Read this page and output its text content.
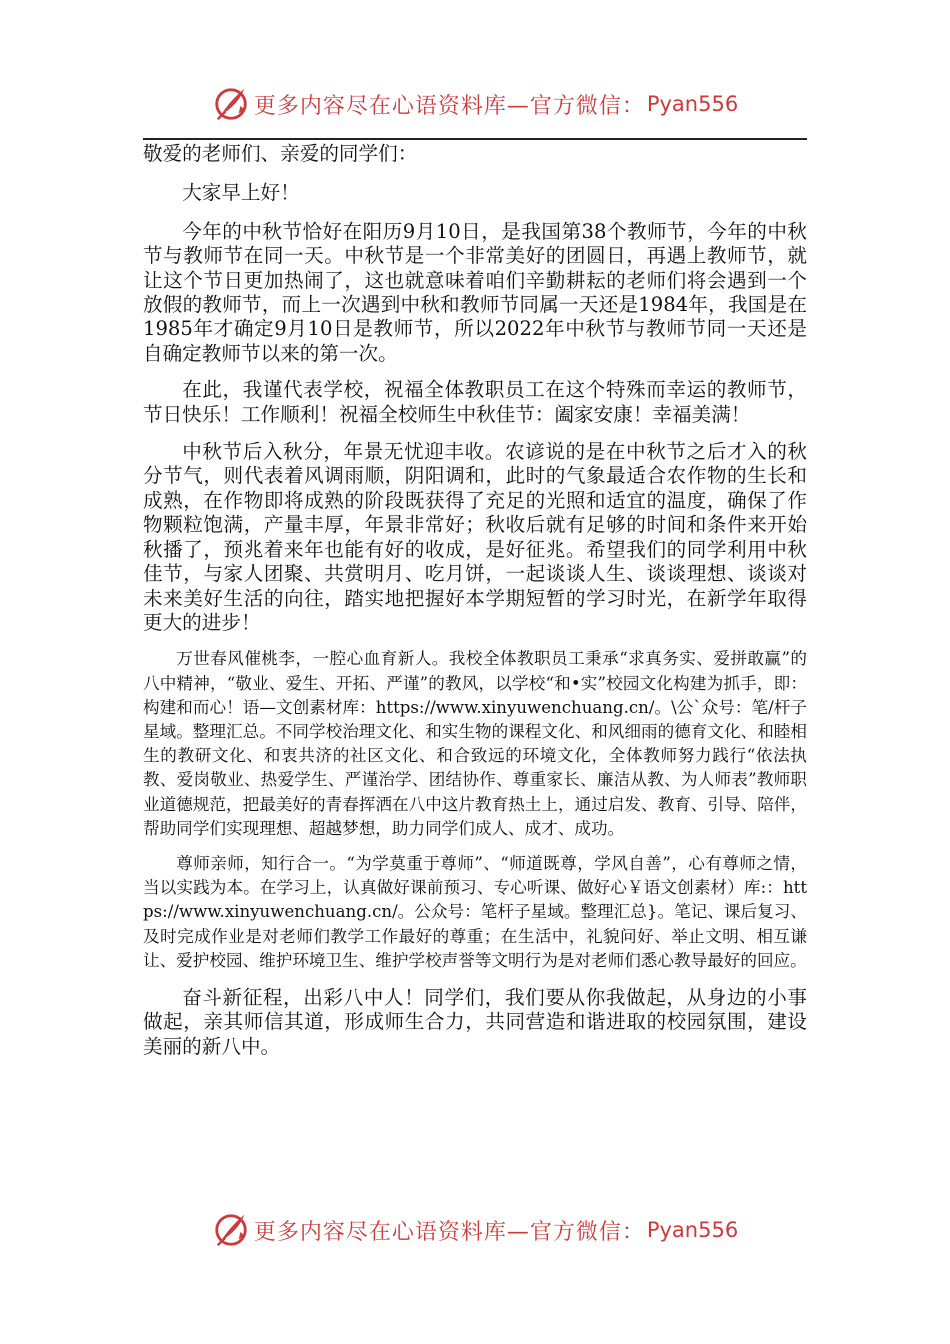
更多内容尽在心语资料库—官方微信： Pyan556

敬爱的老师们、亲爱的同学们：

大家早上好！

今年的中秋节恰好在阳历9月10日，是我国第38个教师节，今年的中秋节与教师节在同一天。中秋节是一个非常美好的团圆日，再遇上教师节，就让这个节日更加热闹了，这也就意味着咱们辛勤耕耘的老师们将会遇到一个放假的教师节，而上一次遇到中秋和教师节同属一天还是1984年，我国是在1985年才确定9月10日是教师节，所以2022年中秋节与教师节同一天还是自确定教师节以来的第一次。

在此，我谨代表学校，祝福全体教职员工在这个特殊而幸运的教师节，节日快乐！工作顺利！祝福全校师生中秋佳节：阖家安康！幸福美满！

中秋节后入秋分，年景无忧迎丰收。农谚说的是在中秋节之后才入的秋分节气，则代表着风调雨顺，阴阳调和，此时的气象最适合农作物的生长和成熟，在作物即将成熟的阶段既获得了充足的光照和适宜的温度，确保了作物颗粒饱满，产量丰厚，年景非常好；秋收后就有足够的时间和条件来开始秋播了，预兆着来年也能有好的收成，是好征兆。希望我们的同学利用中秋佳节，与家人团聚、共赏明月、吃月饼，一起谈谈人生、谈谈理想、谈谈对未来美好生活的向往，踏实地把握好本学期短暂的学习时光，在新学年取得更大的进步！

万世春风催桃李，一腔心血育新人。我校全体教职员工秉承“求真务实、爱拼敢赢”的八中精神，“敬业、爱生、开拓、严谨”的教风，以学校“和•实”校园文化构建为抓手，即：构建和而心！语—文创素材库：https://www.xinyuwenchuang.cn/。\公`众号：笔/杆子星域。整理汇总。不同学校治理文化、和实生物的课程文化、和风细雨的德育文化、和睦相生的教研文化、和衷共济的社区文化、和合致远的环境文化，全体教师努力践行“依法执教、爱岗敬业、热爱学生、严谨治学、团结协作、尊重家长、廉洁从教、为人师表”教师职业道德规范，把最美好的青春挥洒在八中这片教育热土上，通过启发、教育、引导、陪伴，帮助同学们实现理想、超越梦想，助力同学们成人、成才、成功。

尊师亲师，知行合一。“为学莫重于尊师”、“师道既尊，学风自善”，心有尊师之情，当以实践为本。在学习上，认真做好课前预习、专心听课、做好心￥语文创素材）库:：https://www.xinyuwenchuang.cn/。公众号：笔杆子星域。整理汇总}。笔记、课后复习、及时完成作业是对老师们教学工作最好的尊重；在生活中，礼貌问好、举止文明、相互谦让、爱护校园、维护环境卫生、维护学校声誉等文明行为是对老师们悉心教导最好的回应。

奋斗新征程，出彩八中人！同学们，我们要从你我做起，从身边的小事做起，亲其师信其道，形成师生合力，共同营造和谐进取的校园氛围，建设美丽的新八中。

更多内容尽在心语资料库—官方微信： Pyan556
